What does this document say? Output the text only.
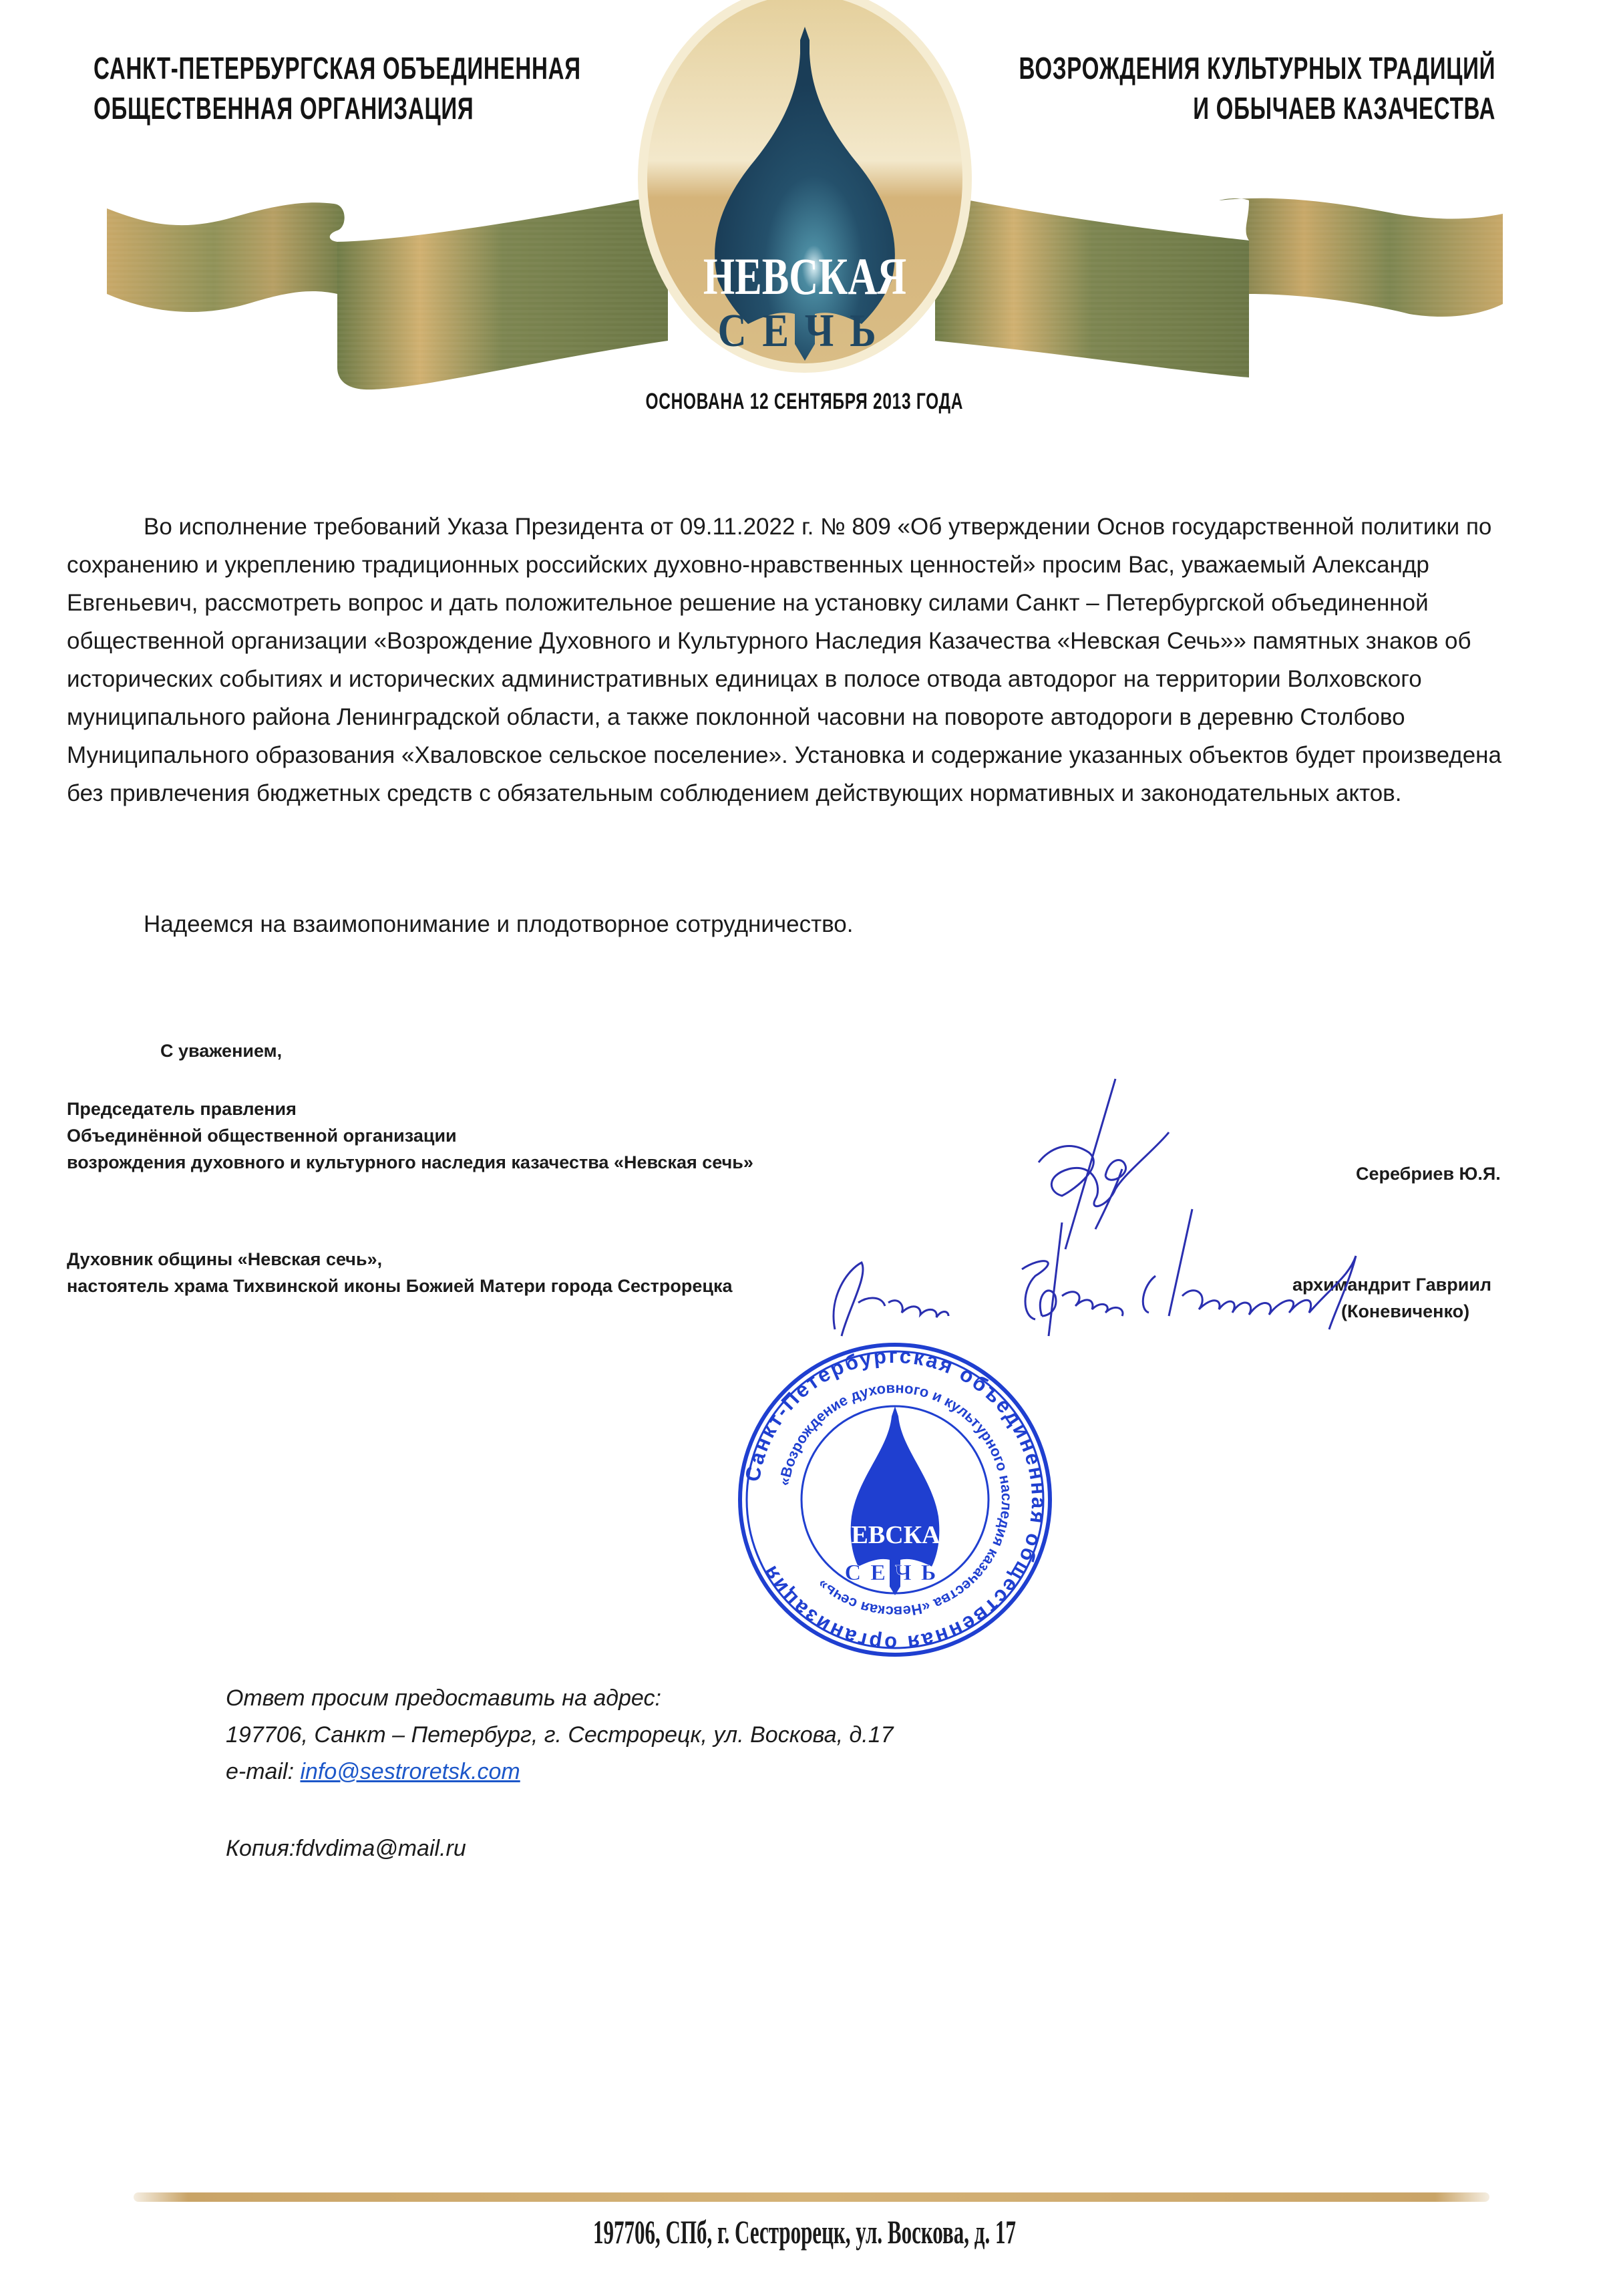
САНКТ-ПЕТЕРБУРГСКАЯ ОБЪЕДИНЕННАЯ
ОБЩЕСТВЕННАЯ ОРГАНИЗАЦИЯ
ВОЗРОЖДЕНИЯ КУЛЬТУРНЫХ ТРАДИЦИЙ
И ОБЫЧАЕВ КАЗАЧЕСТВА
НЕВСКАЯ
СЕЧЬ
ОСНОВАНА 12 СЕНТЯБРЯ 2013 ГОДА

Во исполнение требований Указа Президента от 09.11.2022 г. № 809 «Об утверждении Основ государственной политики по сохранению и укреплению традиционных российских духовно-нравственных ценностей» просим Вас, уважаемый Александр Евгеньевич, рассмотреть вопрос и дать положительное решение на установку силами Санкт – Петербургской объединенной общественной организации «Возрождение Духовного и Культурного Наследия Казачества «Невская Сечь»» памятных знаков об исторических событиях и исторических административных единицах в полосе отвода автодорог на территории Волховского муниципального района Ленинградской области, а также поклонной часовни на повороте автодороги в деревню Столбово Муниципального образования «Хваловское сельское поселение». Установка и содержание указанных объектов будет произведена без привлечения бюджетных средств с обязательным соблюдением действующих нормативных и законодательных актов.

Надеемся на взаимопонимание и плодотворное сотрудничество.
С уважением,
Председатель правления
Объединённой общественной организации
возрождения духовного и культурного наследия казачества «Невская сечь»
Серебриев Ю.Я.
Духовник общины «Невская сечь»,
настоятель храма Тихвинской иконы Божией Матери города Сестрорецка	архимандрит Гавриил
(Коневиченко)
Санкт-Петербургская объединенная общественная организация
«Возрождение духовного и культурного наследия казачества «Невская сечь»
НЕВСКАЯ
СЕЧЬ
Ответ просим предоставить на адрес:
197706, Санкт – Петербург, г. Сестрорецк, ул. Воскова, д.17
e-mail: info@sestroretsk.com
Копия:fdvdima@mail.ru
197706, СПб, г. Сестрорецк, ул. Воскова, д. 17
